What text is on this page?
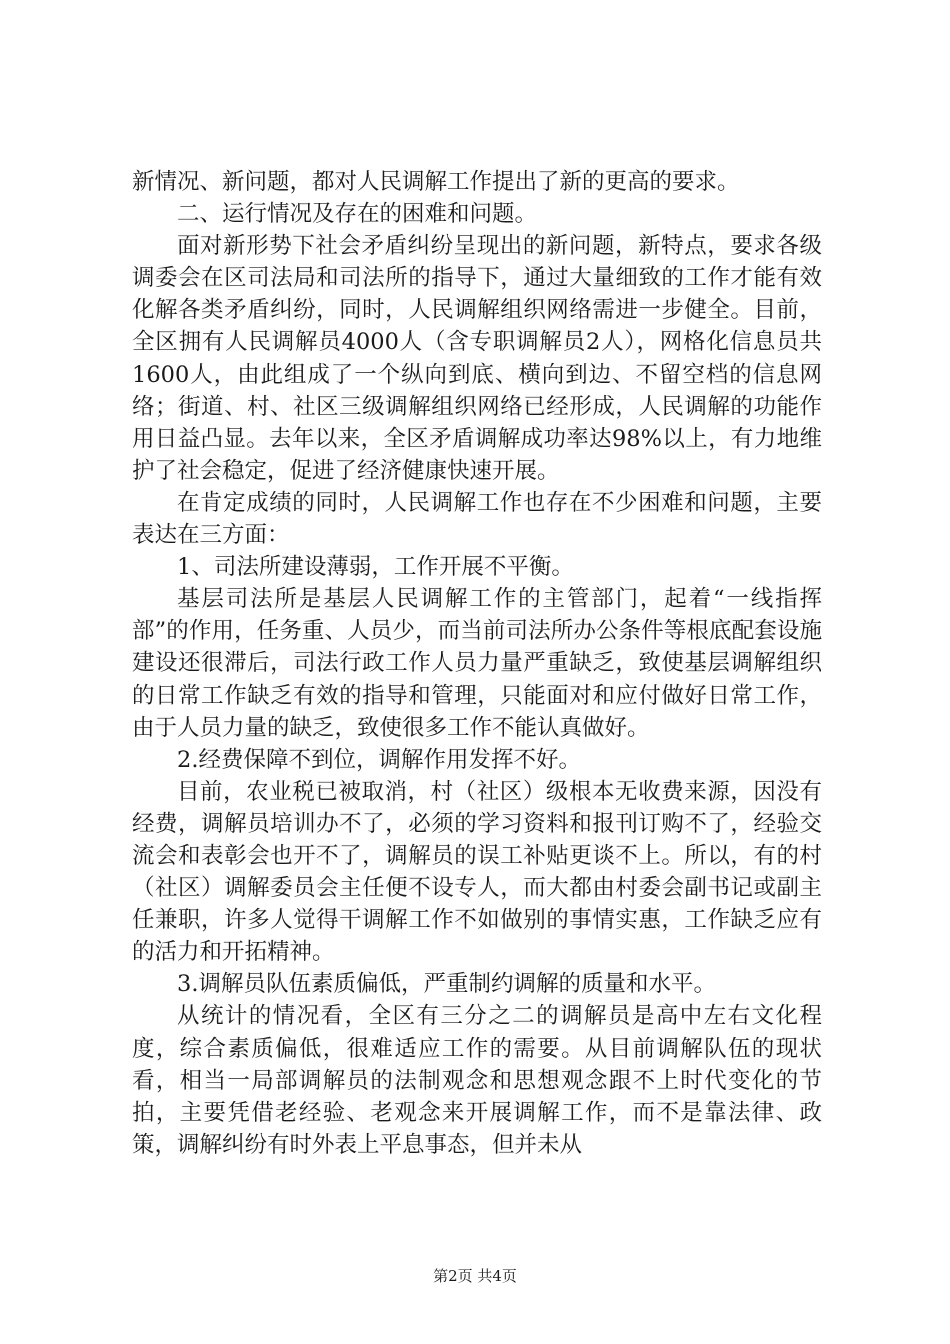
新情况、新问题，都对人民调解工作提出了新的更高的要求。

二、运行情况及存在的困难和问题。

面对新形势下社会矛盾纠纷呈现出的新问题，新特点，要求各级调委会在区司法局和司法所的指导下，通过大量细致的工作才能有效化解各类矛盾纠纷，同时，人民调解组织网络需进一步健全。目前，全区拥有人民调解员4000人（含专职调解员2人），网格化信息员共1600人，由此组成了一个纵向到底、横向到边、不留空档的信息网络；街道、村、社区三级调解组织网络已经形成，人民调解的功能作用日益凸显。去年以来，全区矛盾调解成功率达98%以上，有力地维护了社会稳定，促进了经济健康快速开展。

在肯定成绩的同时，人民调解工作也存在不少困难和问题，主要表达在三方面：

1、司法所建设薄弱，工作开展不平衡。

基层司法所是基层人民调解工作的主管部门，起着“一线指挥部”的作用，任务重、人员少，而当前司法所办公条件等根底配套设施建设还很滞后，司法行政工作人员力量严重缺乏，致使基层调解组织的日常工作缺乏有效的指导和管理，只能面对和应付做好日常工作，由于人员力量的缺乏，致使很多工作不能认真做好。

2.经费保障不到位，调解作用发挥不好。

目前，农业税已被取消，村（社区）级根本无收费来源，因没有经费，调解员培训办不了，必须的学习资料和报刊订购不了，经验交流会和表彰会也开不了，调解员的误工补贴更谈不上。所以，有的村（社区）调解委员会主任便不设专人，而大都由村委会副书记或副主任兼职，许多人觉得干调解工作不如做别的事情实惠，工作缺乏应有的活力和开拓精神。

3.调解员队伍素质偏低，严重制约调解的质量和水平。

从统计的情况看，全区有三分之二的调解员是高中左右文化程度，综合素质偏低，很难适应工作的需要。从目前调解队伍的现状看，相当一局部调解员的法制观念和思想观念跟不上时代变化的节拍，主要凭借老经验、老观念来开展调解工作，而不是靠法律、政策，调解纠纷有时外表上平息事态，但并未从

第2页 共4页
